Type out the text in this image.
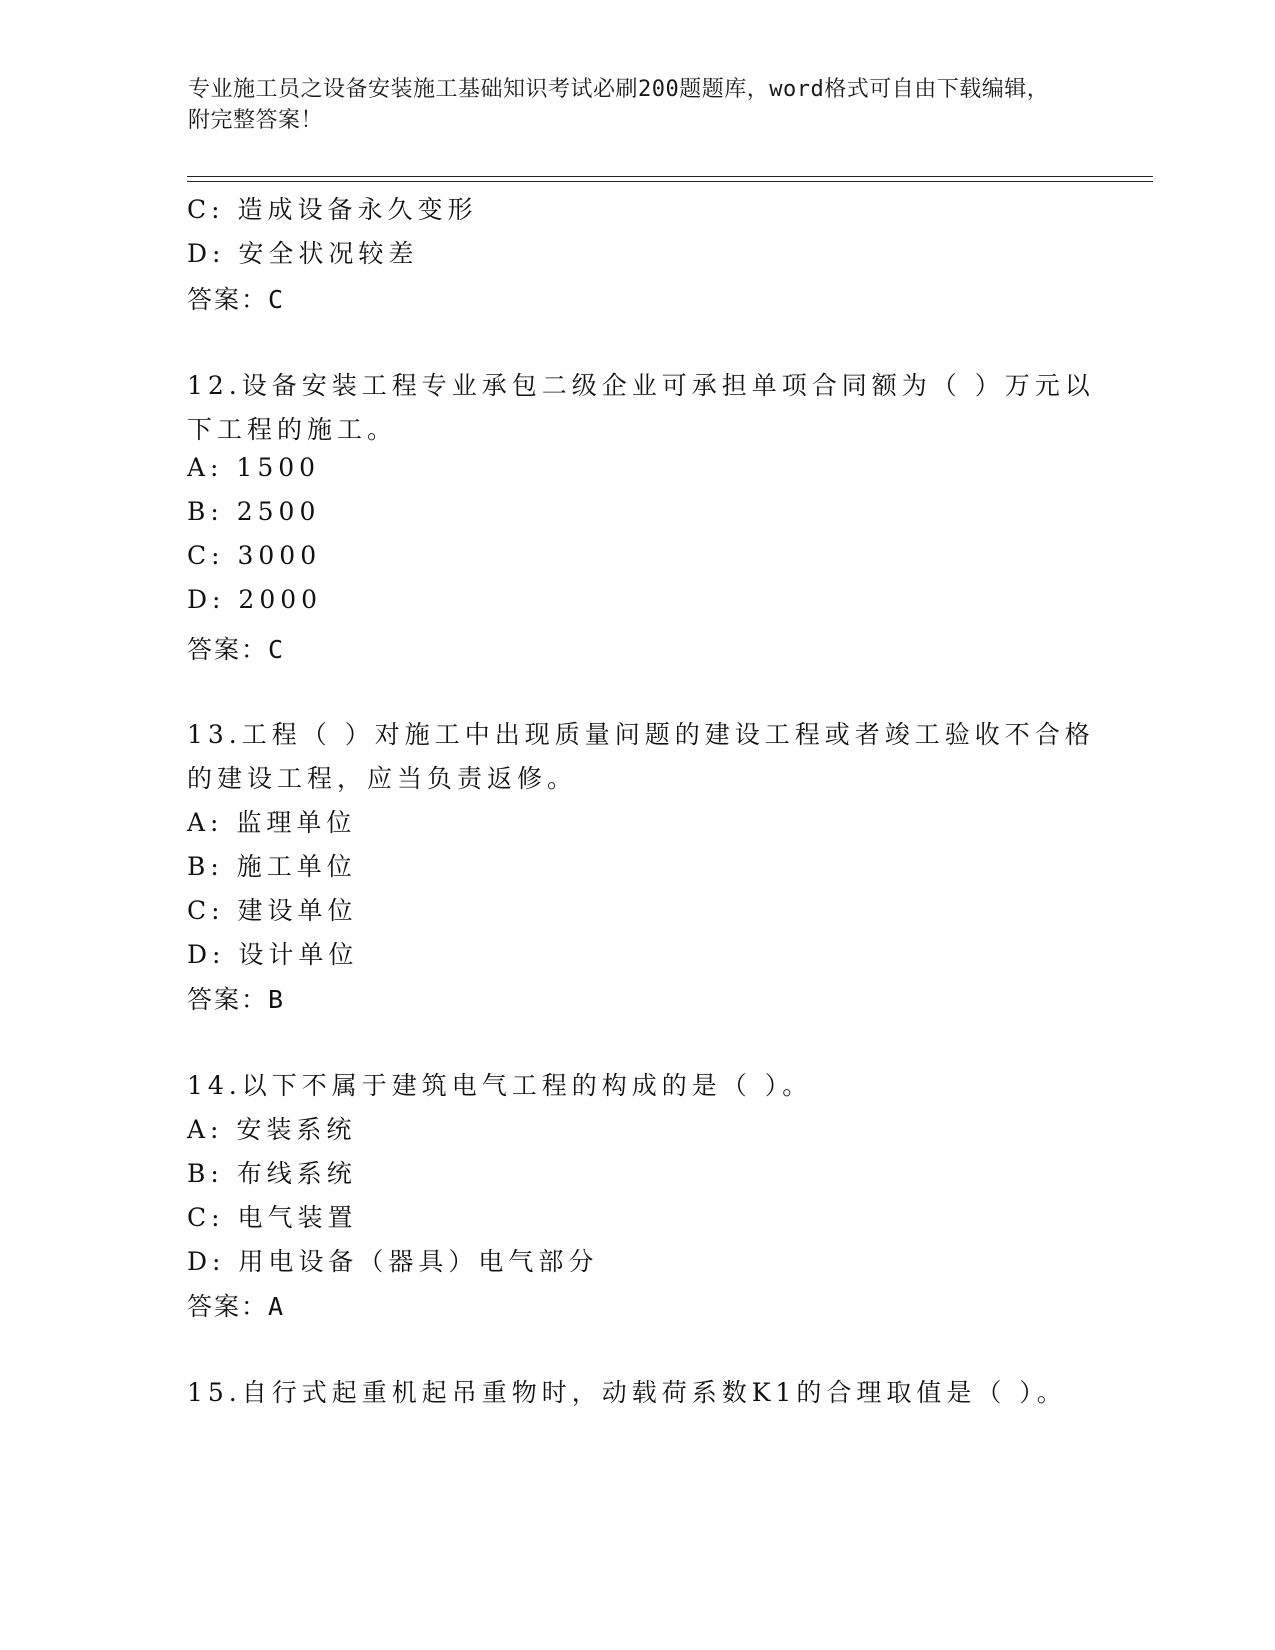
专业施工员之设备安装施工基础知识考试必刷200题题库，word格式可自由下载编辑，附完整答案！
C: 造成设备永久变形
D: 安全状况较差
答案：C
12.设备安装工程专业承包二级企业可承担单项合同额为（ ）万元以
下工程的施工。
A: 1500
B: 2500
C: 3000
D: 2000
答案：C
13.工程（ ）对施工中出现质量问题的建设工程或者竣工验收不合格
的建设工程，应当负责返修。
A: 监理单位
B: 施工单位
C: 建设单位
D: 设计单位
答案：B
14.以下不属于建筑电气工程的构成的是（ ）。
A: 安装系统
B: 布线系统
C: 电气装置
D: 用电设备（器具）电气部分
答案：A
15.自行式起重机起吊重物时，动载荷系数K1的合理取值是（ ）。
